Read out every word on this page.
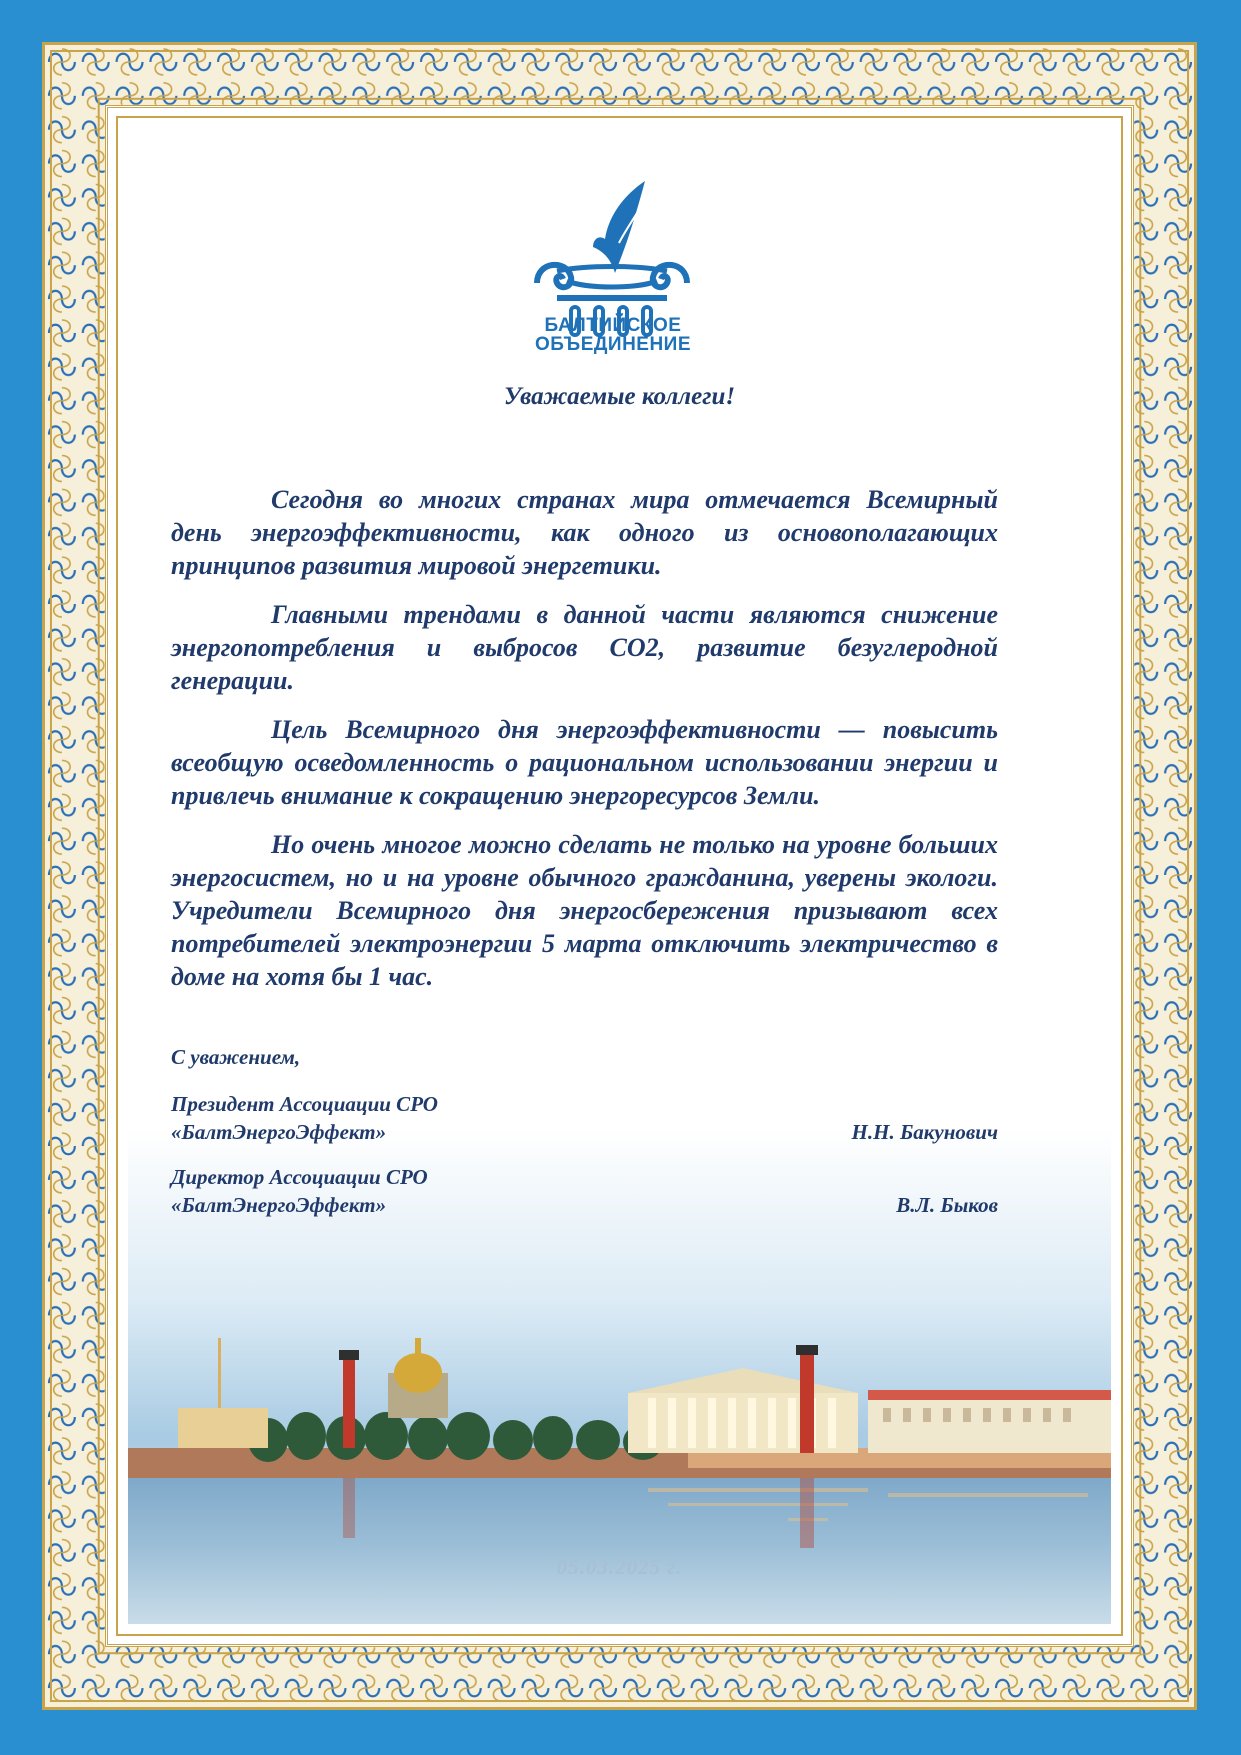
БАЛТИЙСКОЕ
ОБЪЕДИНЕНИЕ
Уважаемые коллеги!

Сегодня во многих странах мира отмечается Всемирный день энергоэффективности, как одного из основополагающих принципов развития мировой энергетики.

Главными трендами в данной части являются снижение энергопотребления и выбросов СО2, развитие безуглеродной генерации.

Цель Всемирного дня энергоэффективности — повысить всеобщую осведомленность о рациональном использовании энергии и привлечь внимание к сокращению энергоресурсов Земли.

Но очень многое можно сделать не только на уровне больших энергосистем, но и на уровне обычного гражданина, уверены экологи. Учредители Всемирного дня энергосбережения призывают всех потребителей электроэнергии 5 марта отключить электричество в доме на хотя бы 1 час.

С уважением,
Президент Ассоциации СРО
«БалтЭнергоЭффект»	Н.Н. Бакунович
Директор Ассоциации СРО
«БалтЭнергоЭффект»	В.Л. Быков
05.03.2025 г.
